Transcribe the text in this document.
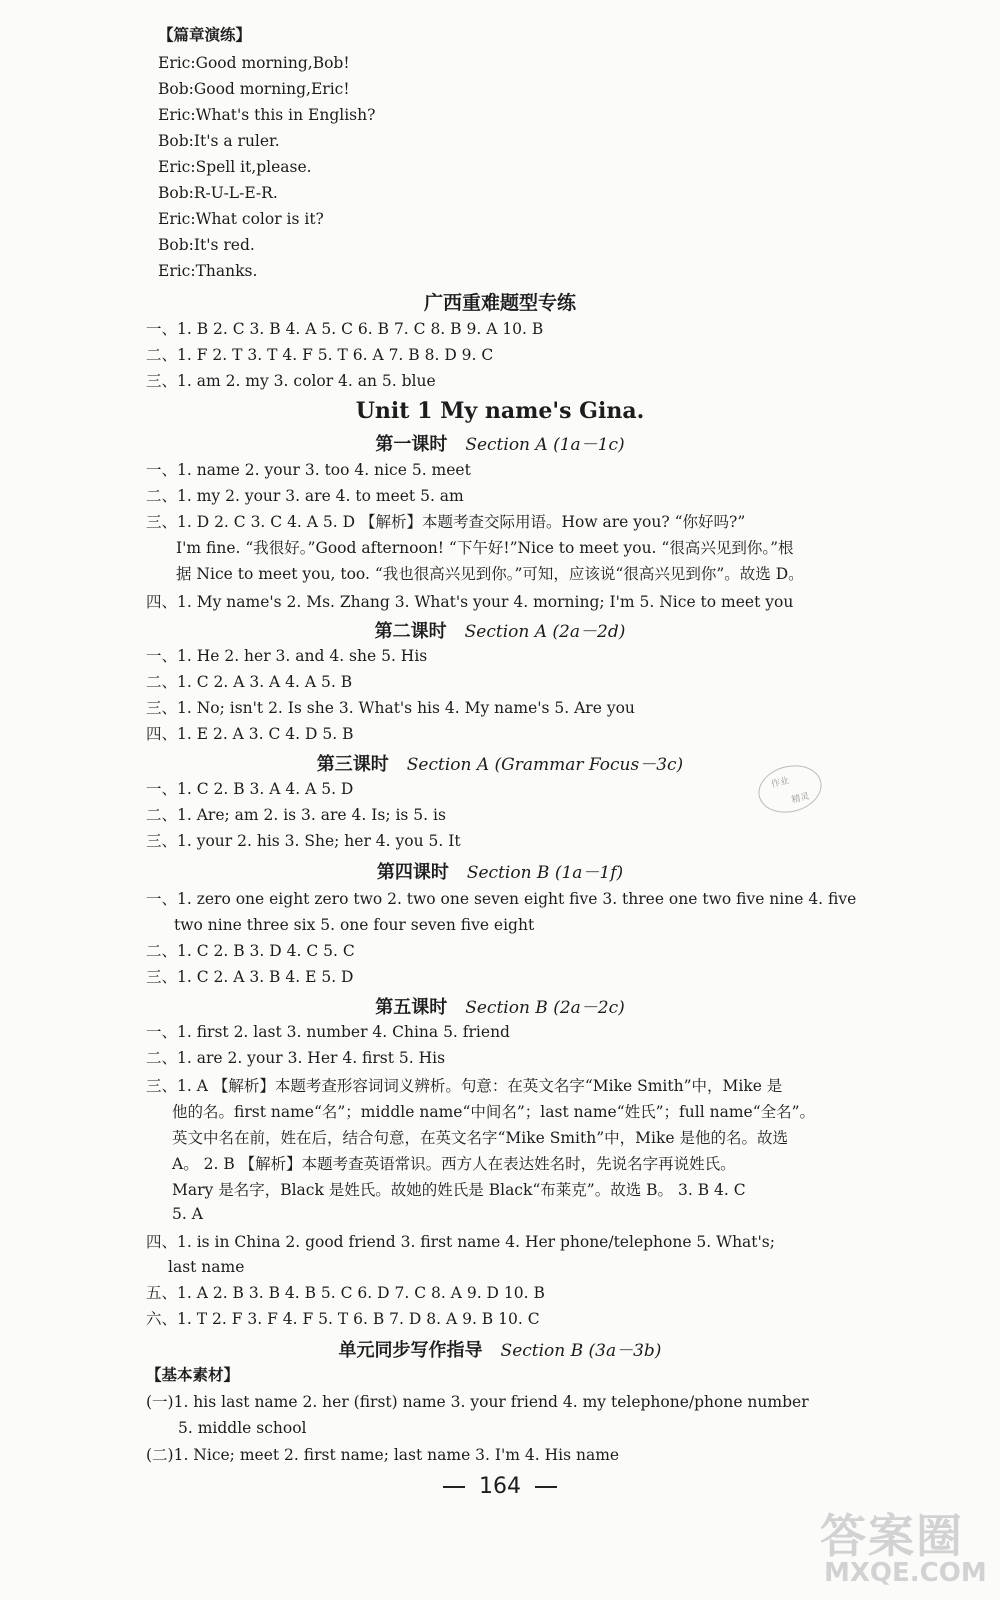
【篇章演练】
Eric:Good morning,Bob!
Bob:Good morning,Eric!
Eric:What's this in English?
Bob:It's a ruler.
Eric:Spell it,please.
Bob:R-U-L-E-R.
Eric:What color is it?
Bob:It's red.
Eric:Thanks.
广西重难题型专练
一、1. B 2. C 3. B 4. A 5. C 6. B 7. C 8. B 9. A 10. B
二、1. F 2. T 3. T 4. F 5. T 6. A 7. B 8. D 9. C
三、1. am 2. my 3. color 4. an 5. blue
Unit 1 My name's Gina.
第一课时 Section A (1a－1c)
一、1. name 2. your 3. too 4. nice 5. meet
二、1. my 2. your 3. are 4. to meet 5. am
三、1. D 2. C 3. C 4. A 5. D 【解析】本题考查交际用语。How are you? “你好吗?”
I'm fine. “我很好。”Good afternoon! “下午好!”Nice to meet you. “很高兴见到你。”根
据 Nice to meet you, too. “我也很高兴见到你。”可知，应该说“很高兴见到你”。故选 D。
四、1. My name's 2. Ms. Zhang 3. What's your 4. morning; I'm 5. Nice to meet you
第二课时 Section A (2a－2d)
一、1. He 2. her 3. and 4. she 5. His
二、1. C 2. A 3. A 4. A 5. B
三、1. No; isn't 2. Is she 3. What's his 4. My name's 5. Are you
四、1. E 2. A 3. C 4. D 5. B
第三课时 Section A (Grammar Focus－3c)
作业
精灵
一、1. C 2. B 3. A 4. A 5. D
二、1. Are; am 2. is 3. are 4. Is; is 5. is
三、1. your 2. his 3. She; her 4. you 5. It
第四课时 Section B (1a－1f)
一、1. zero one eight zero two 2. two one seven eight five 3. three one two five nine 4. five
two nine three six 5. one four seven five eight
二、1. C 2. B 3. D 4. C 5. C
三、1. C 2. A 3. B 4. E 5. D
第五课时 Section B (2a－2c)
一、1. first 2. last 3. number 4. China 5. friend
二、1. are 2. your 3. Her 4. first 5. His
三、1. A 【解析】本题考查形容词词义辨析。句意：在英文名字“Mike Smith”中，Mike 是
他的名。first name“名”；middle name“中间名”；last name“姓氏”；full name“全名”。
英文中名在前，姓在后，结合句意，在英文名字“Mike Smith”中，Mike 是他的名。故选
A。 2. B 【解析】本题考查英语常识。西方人在表达姓名时，先说名字再说姓氏。
Mary 是名字，Black 是姓氏。故她的姓氏是 Black“布莱克”。故选 B。 3. B 4. C
5. A
四、1. is in China 2. good friend 3. first name 4. Her phone/telephone 5. What's;
last name
五、1. A 2. B 3. B 4. B 5. C 6. D 7. C 8. A 9. D 10. B
六、1. T 2. F 3. F 4. F 5. T 6. B 7. D 8. A 9. B 10. C
单元同步写作指导 Section B (3a－3b)
【基本素材】
(一)1. his last name 2. her (first) name 3. your friend 4. my telephone/phone number
5. middle school
(二)1. Nice; meet 2. first name; last name 3. I'm 4. His name
164
答案圈
MXQE.COM
